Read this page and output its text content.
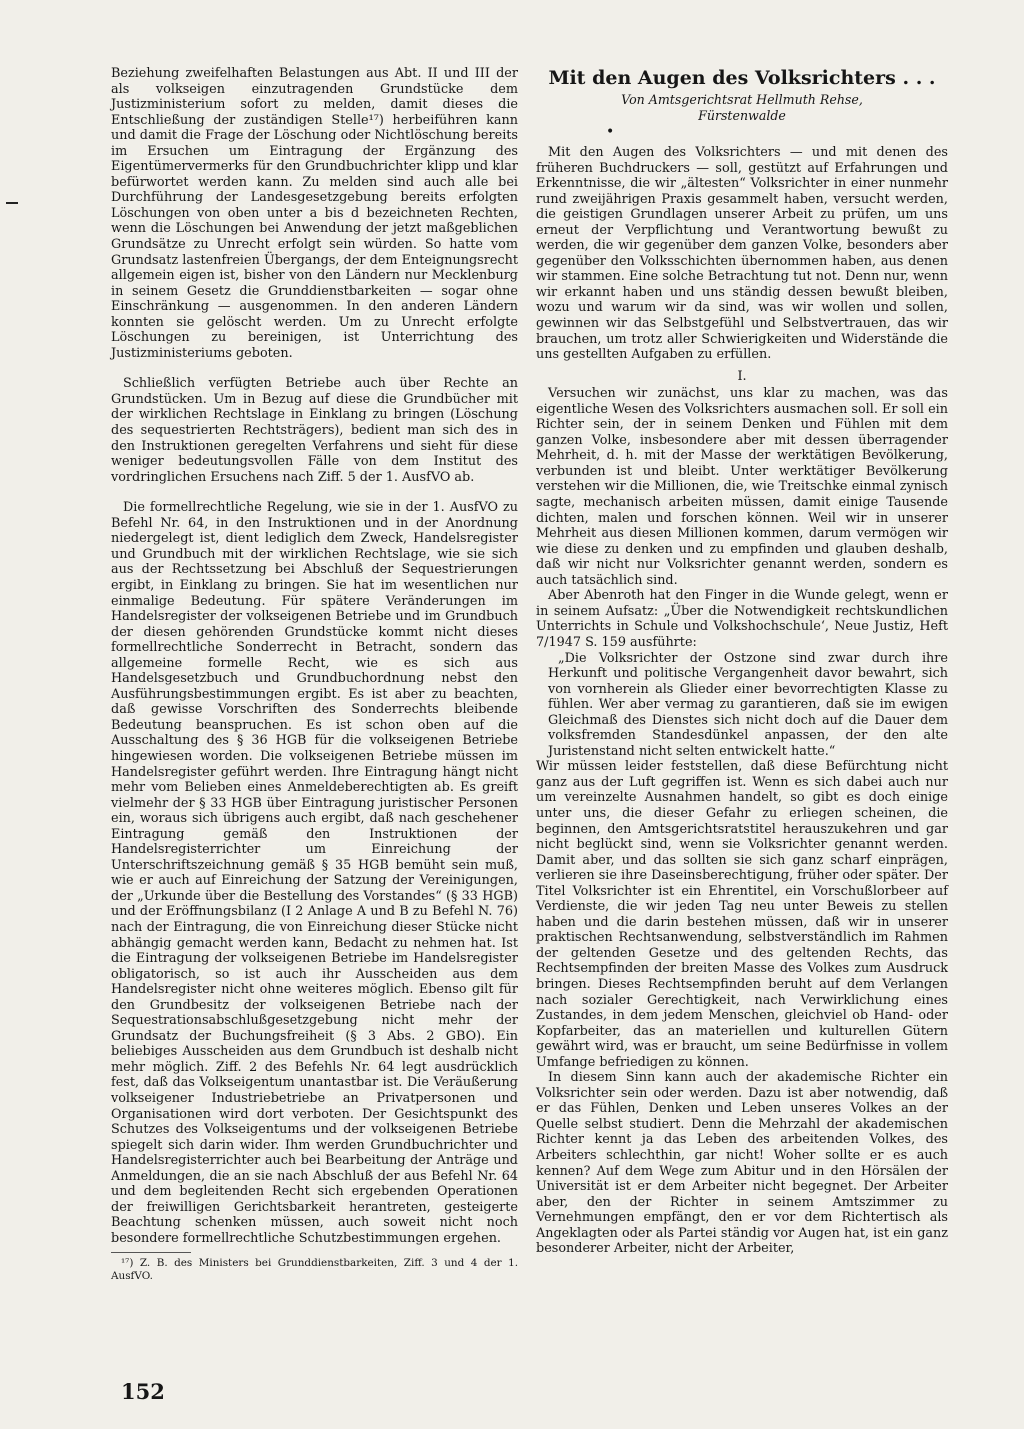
Beziehung zweifelhaften Belastungen aus Abt. II und III der als volkseigen einzutragenden Grundstücke dem Justizministerium sofort zu melden, damit dieses die Entschließung der zuständigen Stelle¹⁷) herbeiführen kann und damit die Frage der Löschung oder Nichtlöschung bereits im Ersuchen um Eintragung der Ergänzung des Eigentümervermerks für den Grundbuchrichter klipp und klar befürwortet werden kann. Zu melden sind auch alle bei Durchführung der Landesgesetzgebung bereits erfolgten Löschungen von oben unter a bis d bezeichneten Rechten, wenn die Löschungen bei Anwendung der jetzt maßgeblichen Grundsätze zu Unrecht erfolgt sein würden. So hatte vom Grundsatz lastenfreien Übergangs, der dem Enteignungsrecht allgemein eigen ist, bisher von den Ländern nur Mecklenburg in seinem Gesetz die Grunddienstbarkeiten — sogar ohne Einschränkung — ausgenommen. In den anderen Ländern konnten sie gelöscht werden. Um zu Unrecht erfolgte Löschungen zu bereinigen, ist Unterrichtung des Justizministeriums geboten.

Schließlich verfügten Betriebe auch über Rechte an Grundstücken. Um in Bezug auf diese die Grundbücher mit der wirklichen Rechtslage in Einklang zu bringen (Löschung des sequestrierten Rechtsträgers), bedient man sich des in den Instruktionen geregelten Verfahrens und sieht für diese weniger bedeutungsvollen Fälle von dem Institut des vordringlichen Ersuchens nach Ziff. 5 der 1. AusfVO ab.

Die formellrechtliche Regelung, wie sie in der 1. AusfVO zu Befehl Nr. 64, in den Instruktionen und in der Anordnung niedergelegt ist, dient lediglich dem Zweck, Handelsregister und Grundbuch mit der wirklichen Rechtslage, wie sie sich aus der Rechtssetzung bei Abschluß der Sequestrierungen ergibt, in Einklang zu bringen. Sie hat im wesentlichen nur einmalige Bedeutung. Für spätere Veränderungen im Handelsregister der volkseigenen Betriebe und im Grundbuch der diesen gehörenden Grundstücke kommt nicht dieses formellrechtliche Sonderrecht in Betracht, sondern das allgemeine formelle Recht, wie es sich aus Handelsgesetzbuch und Grundbuchordnung nebst den Ausführungsbestimmungen ergibt. Es ist aber zu beachten, daß gewisse Vorschriften des Sonderrechts bleibende Bedeutung beanspruchen. Es ist schon oben auf die Ausschaltung des § 36 HGB für die volkseigenen Betriebe hingewiesen worden. Die volkseigenen Betriebe müssen im Handelsregister geführt werden. Ihre Eintragung hängt nicht mehr vom Belieben eines Anmeldeberechtigten ab. Es greift vielmehr der § 33 HGB über Eintragung juristischer Personen ein, woraus sich übrigens auch ergibt, daß nach geschehener Eintragung gemäß den Instruktionen der Handelsregisterrichter um Einreichung der Unterschriftszeichnung gemäß § 35 HGB bemüht sein muß, wie er auch auf Einreichung der Satzung der Vereinigungen, der „Urkunde über die Bestellung des Vorstandes“ (§ 33 HGB) und der Eröffnungsbilanz (I 2 Anlage A und B zu Befehl N. 76) nach der Eintragung, die von Einreichung dieser Stücke nicht abhängig gemacht werden kann, Bedacht zu nehmen hat. Ist die Eintragung der volkseigenen Betriebe im Handelsregister obligatorisch, so ist auch ihr Ausscheiden aus dem Handelsregister nicht ohne weiteres möglich. Ebenso gilt für den Grundbesitz der volkseigenen Betriebe nach der Sequestrationsabschlußgesetzgebung nicht mehr der Grundsatz der Buchungsfreiheit (§ 3 Abs. 2 GBO). Ein beliebiges Ausscheiden aus dem Grundbuch ist deshalb nicht mehr möglich. Ziff. 2 des Befehls Nr. 64 legt ausdrücklich fest, daß das Volkseigentum unantastbar ist. Die Veräußerung volkseigener Industriebetriebe an Privatpersonen und Organisationen wird dort verboten. Der Gesichtspunkt des Schutzes des Volkseigentums und der volkseigenen Betriebe spiegelt sich darin wider. Ihm werden Grundbuchrichter und Handelsregisterrichter auch bei Bearbeitung der Anträge und Anmeldungen, die an sie nach Abschluß der aus Befehl Nr. 64 und dem begleitenden Recht sich ergebenden Operationen der freiwilligen Gerichtsbarkeit herantreten, gesteigerte Beachtung schenken müssen, auch soweit nicht noch besondere formellrechtliche Schutzbestimmungen ergehen.

¹⁷) Z. B. des Ministers bei Grunddienstbarkeiten, Ziff. 3 und 4 der 1. AusfVO.

Mit den Augen des Volksrichters . . .

Von Amtsgerichtsrat Hellmuth Rehse,

Fürstenwalde

•

Mit den Augen des Volksrichters — und mit denen des früheren Buchdruckers — soll, gestützt auf Erfahrungen und Erkenntnisse, die wir „ältesten“ Volksrichter in einer nunmehr rund zweijährigen Praxis gesammelt haben, versucht werden, die geistigen Grundlagen unserer Arbeit zu prüfen, um uns erneut der Verpflichtung und Verantwortung bewußt zu werden, die wir gegenüber dem ganzen Volke, besonders aber gegenüber den Volksschichten übernommen haben, aus denen wir stammen. Eine solche Betrachtung tut not. Denn nur, wenn wir erkannt haben und uns ständig dessen bewußt bleiben, wozu und warum wir da sind, was wir wollen und sollen, gewinnen wir das Selbstgefühl und Selbstvertrauen, das wir brauchen, um trotz aller Schwierigkeiten und Widerstände die uns gestellten Aufgaben zu erfüllen.

I.

Versuchen wir zunächst, uns klar zu machen, was das eigentliche Wesen des Volksrichters ausmachen soll. Er soll ein Richter sein, der in seinem Denken und Fühlen mit dem ganzen Volke, insbesondere aber mit dessen überragender Mehrheit, d. h. mit der Masse der werktätigen Bevölkerung, verbunden ist und bleibt. Unter werktätiger Bevölkerung verstehen wir die Millionen, die, wie Treitschke einmal zynisch sagte, mechanisch arbeiten müssen, damit einige Tausende dichten, malen und forschen können. Weil wir in unserer Mehrheit aus diesen Millionen kommen, darum vermögen wir wie diese zu denken und zu empfinden und glauben deshalb, daß wir nicht nur Volksrichter genannt werden, sondern es auch tatsächlich sind.

Aber Abenroth hat den Finger in die Wunde gelegt, wenn er in seinem Aufsatz: „Über die Notwendigkeit rechtskundlichen Unterrichts in Schule und Volkshochschule‘, Neue Justiz, Heft 7/1947 S. 159 ausführte:

„Die Volksrichter der Ostzone sind zwar durch ihre Herkunft und politische Vergangenheit davor bewahrt, sich von vornherein als Glieder einer bevorrechtigten Klasse zu fühlen. Wer aber vermag zu garantieren, daß sie im ewigen Gleichmaß des Dienstes sich nicht doch auf die Dauer dem volksfremden Standesdünkel anpassen, der den alte Juristenstand nicht selten entwickelt hatte.“

Wir müssen leider feststellen, daß diese Befürchtung nicht ganz aus der Luft gegriffen ist. Wenn es sich dabei auch nur um vereinzelte Ausnahmen handelt, so gibt es doch einige unter uns, die dieser Gefahr zu erliegen scheinen, die beginnen, den Amtsgerichtsratstitel herauszukehren und gar nicht beglückt sind, wenn sie Volksrichter genannt werden. Damit aber, und das sollten sie sich ganz scharf einprägen, verlieren sie ihre Daseinsberechtigung, früher oder später. Der Titel Volksrichter ist ein Ehrentitel, ein Vorschußlorbeer auf Verdienste, die wir jeden Tag neu unter Beweis zu stellen haben und die darin bestehen müssen, daß wir in unserer praktischen Rechtsanwendung, selbstverständlich im Rahmen der geltenden Gesetze und des geltenden Rechts, das Rechtsempfinden der breiten Masse des Volkes zum Ausdruck bringen. Dieses Rechtsempfinden beruht auf dem Verlangen nach sozialer Gerechtigkeit, nach Verwirklichung eines Zustandes, in dem jedem Menschen, gleichviel ob Hand- oder Kopfarbeiter, das an materiellen und kulturellen Gütern gewährt wird, was er braucht, um seine Bedürfnisse in vollem Umfange befriedigen zu können.

In diesem Sinn kann auch der akademische Richter ein Volksrichter sein oder werden. Dazu ist aber notwendig, daß er das Fühlen, Denken und Leben unseres Volkes an der Quelle selbst studiert. Denn die Mehrzahl der akademischen Richter kennt ja das Leben des arbeitenden Volkes, des Arbeiters schlechthin, gar nicht! Woher sollte er es auch kennen? Auf dem Wege zum Abitur und in den Hörsälen der Universität ist er dem Arbeiter nicht begegnet. Der Arbeiter aber, den der Richter in seinem Amtszimmer zu Vernehmungen empfängt, den er vor dem Richtertisch als Angeklagten oder als Partei ständig vor Augen hat, ist ein ganz besonderer Arbeiter, nicht der Arbeiter,

152
